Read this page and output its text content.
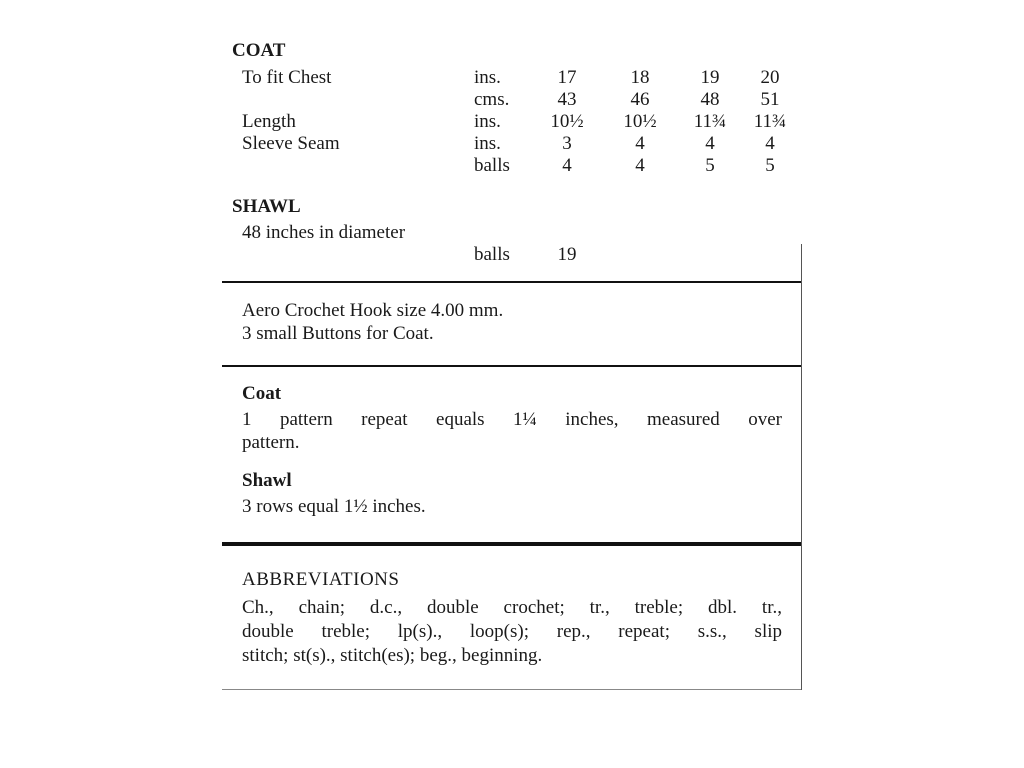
COAT
To fit Chest	ins.	17	18	19	20
cms.	43	46	48	51
Length	ins.	10½ 10½ 11¾ 11¾
Sleeve Seam	ins.	3	4	4	4
balls	4	4	5	5
SHAWL
48 inches in diameter
balls	19
Aero Crochet Hook size 4.00 mm.
3 small Buttons for Coat.
Coat
1 pattern repeat equals 1¼ inches, measured over
pattern.
Shawl
3 rows equal 1½ inches.
ABBREVIATIONS
Ch., chain; d.c., double crochet; tr., treble; dbl. tr.,
double treble; lp(s)., loop(s); rep., repeat; s.s., slip
stitch; st(s)., stitch(es); beg., beginning.
